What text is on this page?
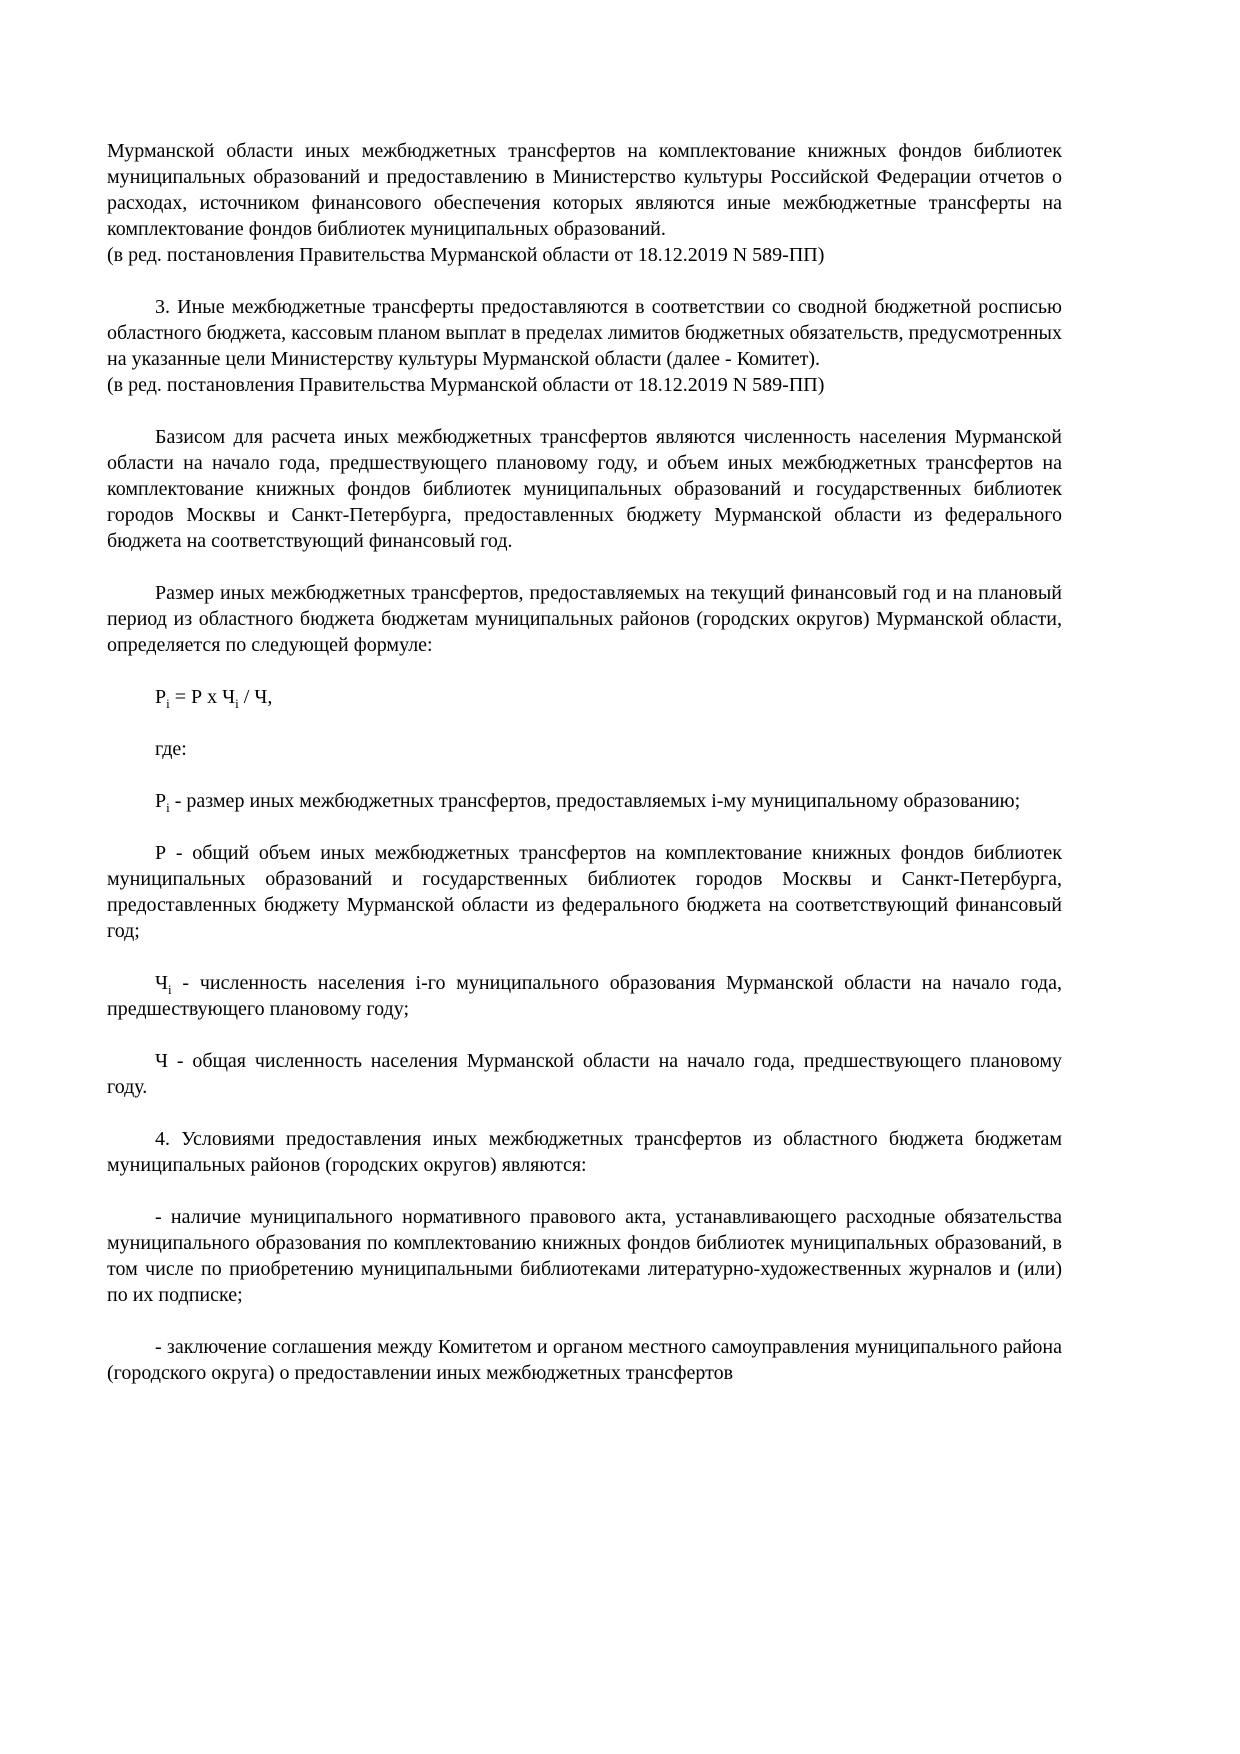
Мурманской области иных межбюджетных трансфертов на комплектование книжных фондов библиотек муниципальных образований и предоставлению в Министерство культуры Российской Федерации отчетов о расходах, источником финансового обеспечения которых являются иные межбюджетные трансферты на комплектование фондов библиотек муниципальных образований.

(в ред. постановления Правительства Мурманской области от 18.12.2019 N 589-ПП)

3. Иные межбюджетные трансферты предоставляются в соответствии со сводной бюджетной росписью областного бюджета, кассовым планом выплат в пределах лимитов бюджетных обязательств, предусмотренных на указанные цели Министерству культуры Мурманской области (далее - Комитет).

(в ред. постановления Правительства Мурманской области от 18.12.2019 N 589-ПП)

Базисом для расчета иных межбюджетных трансфертов являются численность населения Мурманской области на начало года, предшествующего плановому году, и объем иных межбюджетных трансфертов на комплектование книжных фондов библиотек муниципальных образований и государственных библиотек городов Москвы и Санкт-Петербурга, предоставленных бюджету Мурманской области из федерального бюджета на соответствующий финансовый год.

Размер иных межбюджетных трансфертов, предоставляемых на текущий финансовый год и на плановый период из областного бюджета бюджетам муниципальных районов (городских округов) Мурманской области, определяется по следующей формуле:

$Р_i = Р$ x $Ч_i$ / Ч,

где:

$Р_i$ - размер иных межбюджетных трансфертов, предоставляемых i-му муниципальному образованию;

Р - общий объем иных межбюджетных трансфертов на комплектование книжных фондов библиотек муниципальных образований и государственных библиотек городов Москвы и Санкт-Петербурга, предоставленных бюджету Мурманской области из федерального бюджета на соответствующий финансовый год;

$Ч_i$ - численность населения i-го муниципального образования Мурманской области на начало года, предшествующего плановому году;

Ч - общая численность населения Мурманской области на начало года, предшествующего плановому году.

4. Условиями предоставления иных межбюджетных трансфертов из областного бюджета бюджетам муниципальных районов (городских округов) являются:

- наличие муниципального нормативного правового акта, устанавливающего расходные обязательства муниципального образования по комплектованию книжных фондов библиотек муниципальных образований, в том числе по приобретению муниципальными библиотеками литературно-художественных журналов и (или) по их подписке;

- заключение соглашения между Комитетом и органом местного самоуправления муниципального района (городского округа) о предоставлении иных межбюджетных трансфертов
